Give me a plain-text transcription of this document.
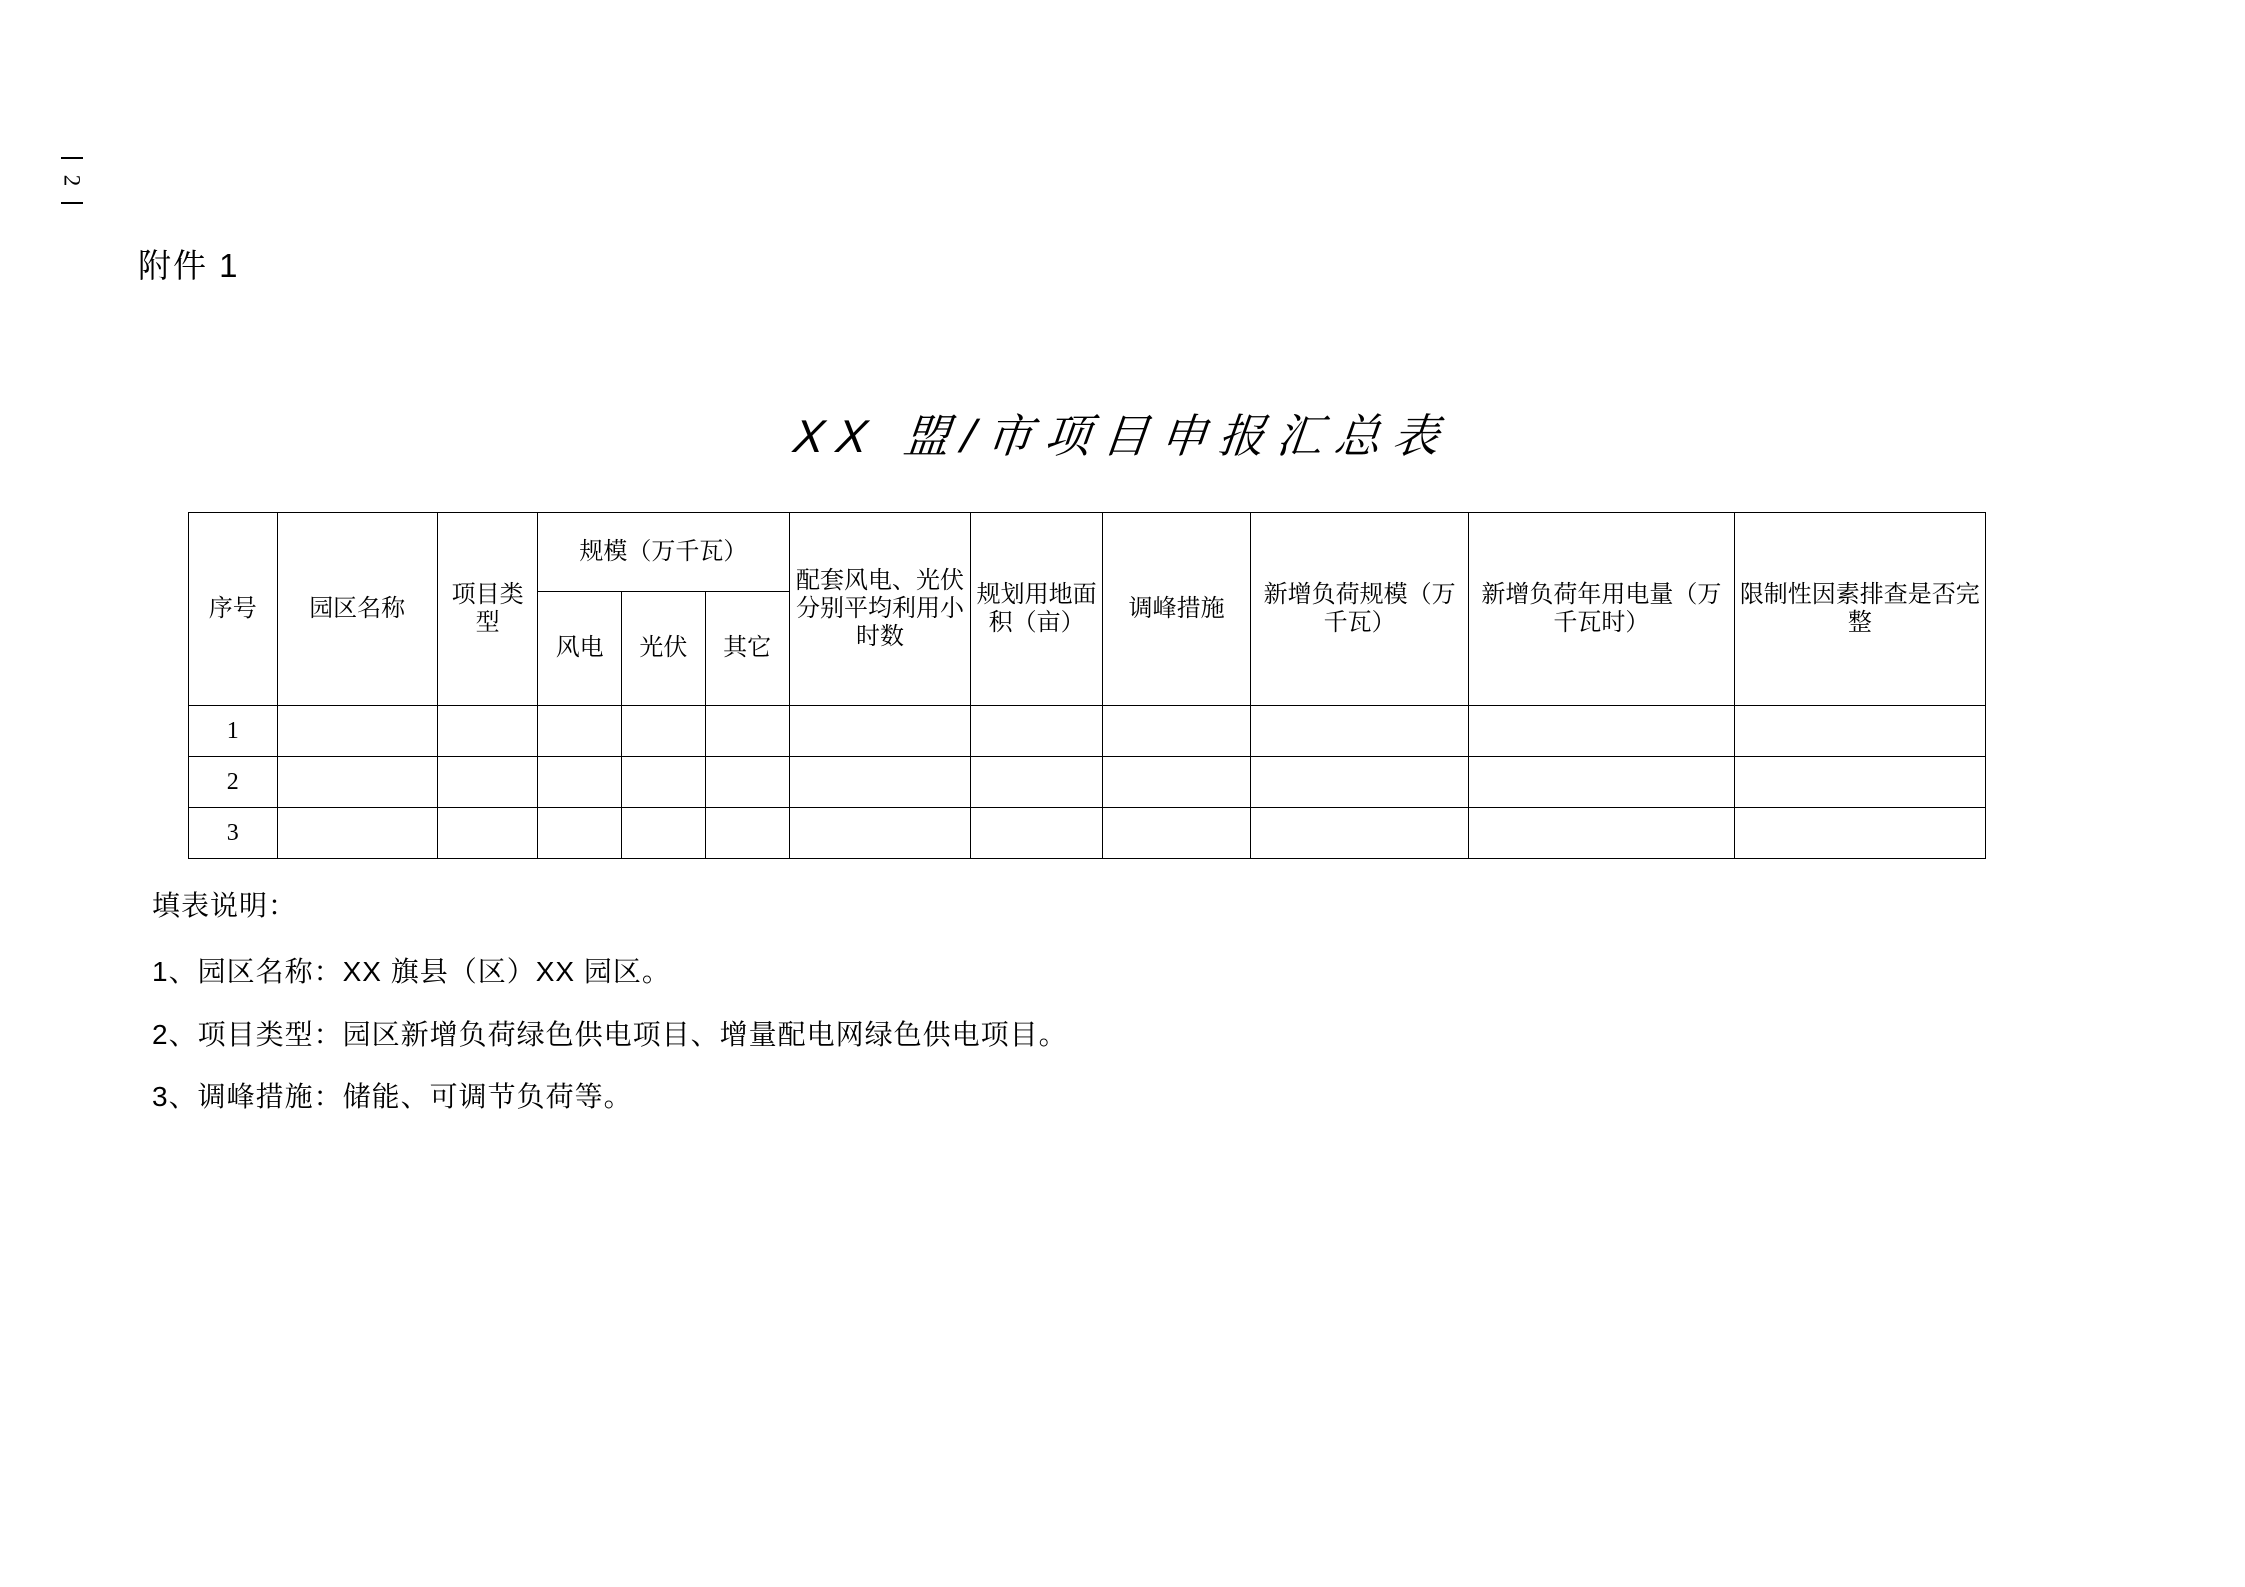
2
附件 1
XX 盟/市项目申报汇总表
序号	园区名称	项目类型	规模（万千瓦）			配套风电、光伏分别平均利用小时数	规划用地面积（亩）	调峰措施	新增负荷规模（万千瓦）	新增负荷年用电量（万千瓦时）	限制性因素排查是否完整
			风电	光伏	其它						
1											
2											
3											
填表说明：
1、园区名称：XX 旗县（区）XX 园区。
2、项目类型：园区新增负荷绿色供电项目、增量配电网绿色供电项目。
3、调峰措施：储能、可调节负荷等。
